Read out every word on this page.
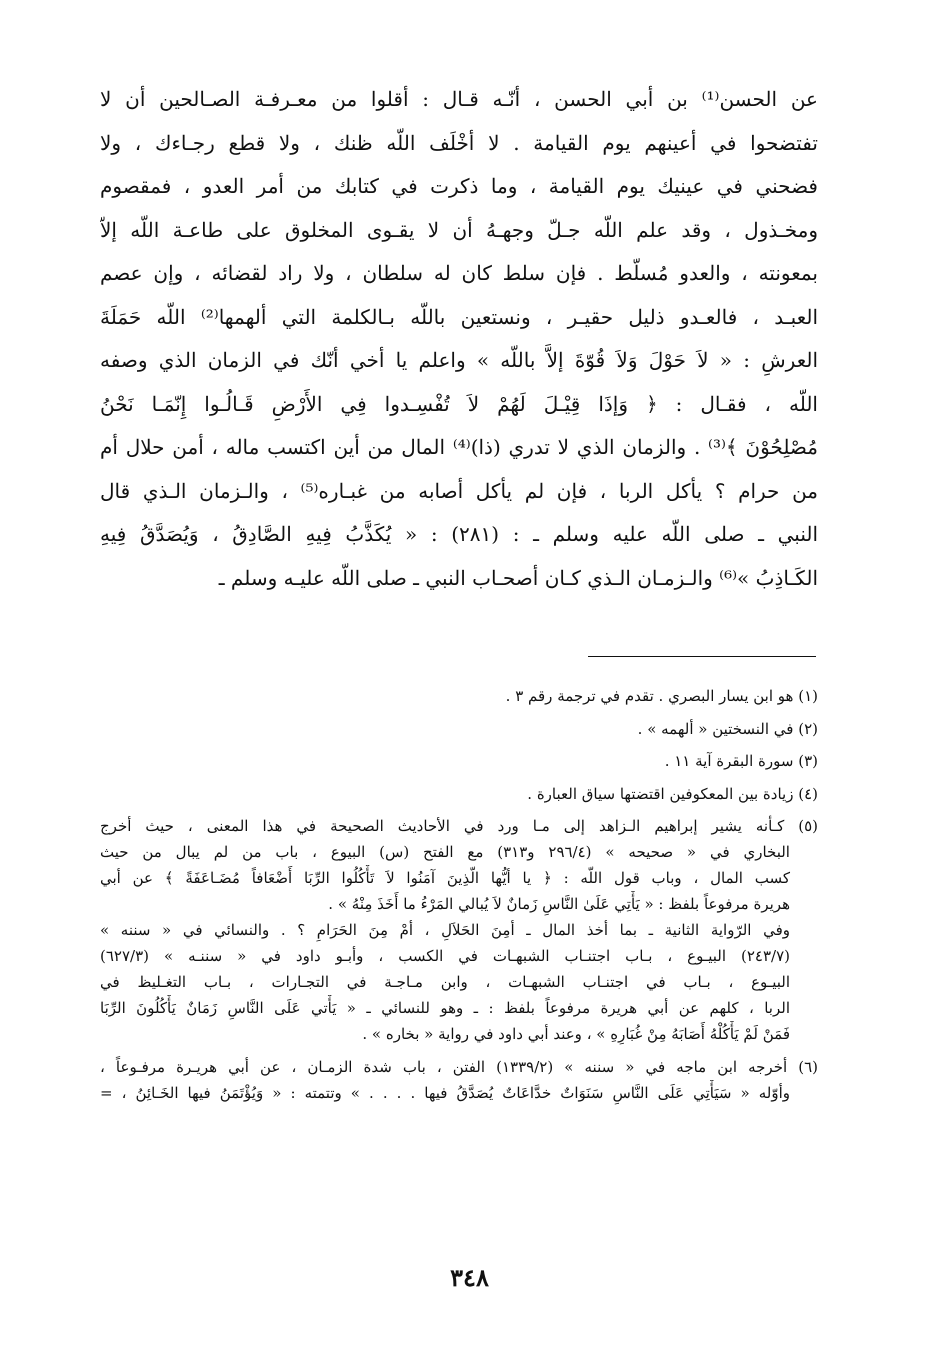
عن الحسن⁽¹⁾ بن أبي الحسن ، أنّـه قـال : أقلوا من معـرفـة الصـالحين أن لا
تفتضحوا في أعينهم يوم القيامة . لا أخْلَف اللّه ظنك ، ولا قطع رجـاءك ، ولا
فضحني في عينيك يوم القيامة ، وما ذكرت في كتابك من أمر العدو ، فمقصوم
ومخـذول ، وقد علم اللّه جـلّ وجهـهُ أن لا يقـوى المخلوق على طاعـة اللّه إلاّ
بمعونته ، والعدو مُسلّط . فإن سلط كان له سلطان ، ولا راد لقضائه ، وإن عصم
العبـد ، فالعـدو ذليل حقيـر ، ونستعين باللّه بـالكلمة التي ألهمها⁽²⁾ اللّه حَمَلَةَ
العرشِ : « لاَ حَوْلَ وَلاَ قُوّةَ إلاَّ باللّه » واعلم يا أخي أنّك في الزمان الذي وصفه
اللّه ، فقـال : ﴿ وَإذَا قِيْـلَ لَهُمْ لاَ تُفْسِـدوا فِي الأَرْضِ قَـالُـوا إِنّمَـا نَحْنُ
مُصْلِحُوْنَ ﴾⁽³⁾ . والزمان الذي لا تدري (ذا)⁽⁴⁾ المال من أين اكتسب ماله ، أمن حلال أم
من حرام ؟ يأكل الربا ، فإن لم يأكل أصابه من غبـاره⁽⁵⁾ ، والـزمان الـذي قال
النبي ـ صلى اللّه عليه وسلم ـ : (٢٨١) : « يُكَذَّبُ فِيهِ الصَّادِقُ ، وَيُصَدَّقُ فِيهِ
الكَـاذِبُ »⁽⁶⁾ والـزمـان الـذي كـان أصحـاب النبي ـ صلى اللّه عليـه وسلم ـ
(١) هو ابن يسار البصري . تقدم في ترجمة رقم ٣ .
(٢) في النسختين « ألهمه » .
(٣) سورة البقرة آية ١١ .
(٤) زيادة بين المعكوفين اقتضتها سياق العبارة .
(٥) كـأنه يشير إبراهيم الـزاهد إلى مـا ورد في الأحاديث الصحيحة في هذا المعنى ، حيث أخرج
البخاري في « صحيحه » (٢٩٦/٤ و٣١٣) مع الفتح (س) البيوع ، باب من لم يبال من حيث
كسب المال ، وباب قول اللّه : ﴿ يا أيُّها الّذِينَ آمَنُوا لاَ تَأْكُلُوا الرِّبَا أَضْعَافاً مُضَـاعَفَةً ﴾ عن أبي
هريرة مرفوعاً بلفظ : « يَأْتِي عَلَىٰ النَّاسِ زَمانٌ لاَ يُبالي المَرْءُ ما أَخَذَ مِنْهُ » .
وفي الرّواية الثانية ـ بما أخذ المال ـ أمِنَ الحَلاَلِ ، أمْ مِنَ الحَرَامِ ؟ . والنسائي في « سننه »
(٢٤٣/٧) البيـوع ، بـاب اجتنـاب الشبهـات في الكسب ، وأبـو داود في « سننـه » (٦٢٧/٣)
البيـوع ، بـاب في اجتنـاب الشبهـات ، وابن مـاجـة في التجـارات ، بـاب التغـليظ في
الربا ، كلهم عن أبي هريرة مرفوعاً بلفظ : ـ وهو للنسائي ـ « يَأْتي عَلَى النَّاسِ زَمَانٌ يَأْكُلُونَ الرِّبَا
فَمَنْ لَمْ يَأْكُلْهُ أَصَابَهُ مِنْ غُبَارِهِ » ، وعند أبي داود في رواية « بخاره » .
(٦) أخرجه ابن ماجه في « سننه » (١٣٣٩/٢) الفتن ، باب شدة الزمـان ، عن أبي هريـرة مرفـوعاً ،
وأوّله « سَيَأْتِي عَلَى النَّاسِ سَنَوَاتٌ خدَّاعَاتٌ يُصَدَّقُ فيها . . . . » وتتمته : « وَيُؤْتَمَنُ فيها الخَـائِنُ ، =
٣٤٨
